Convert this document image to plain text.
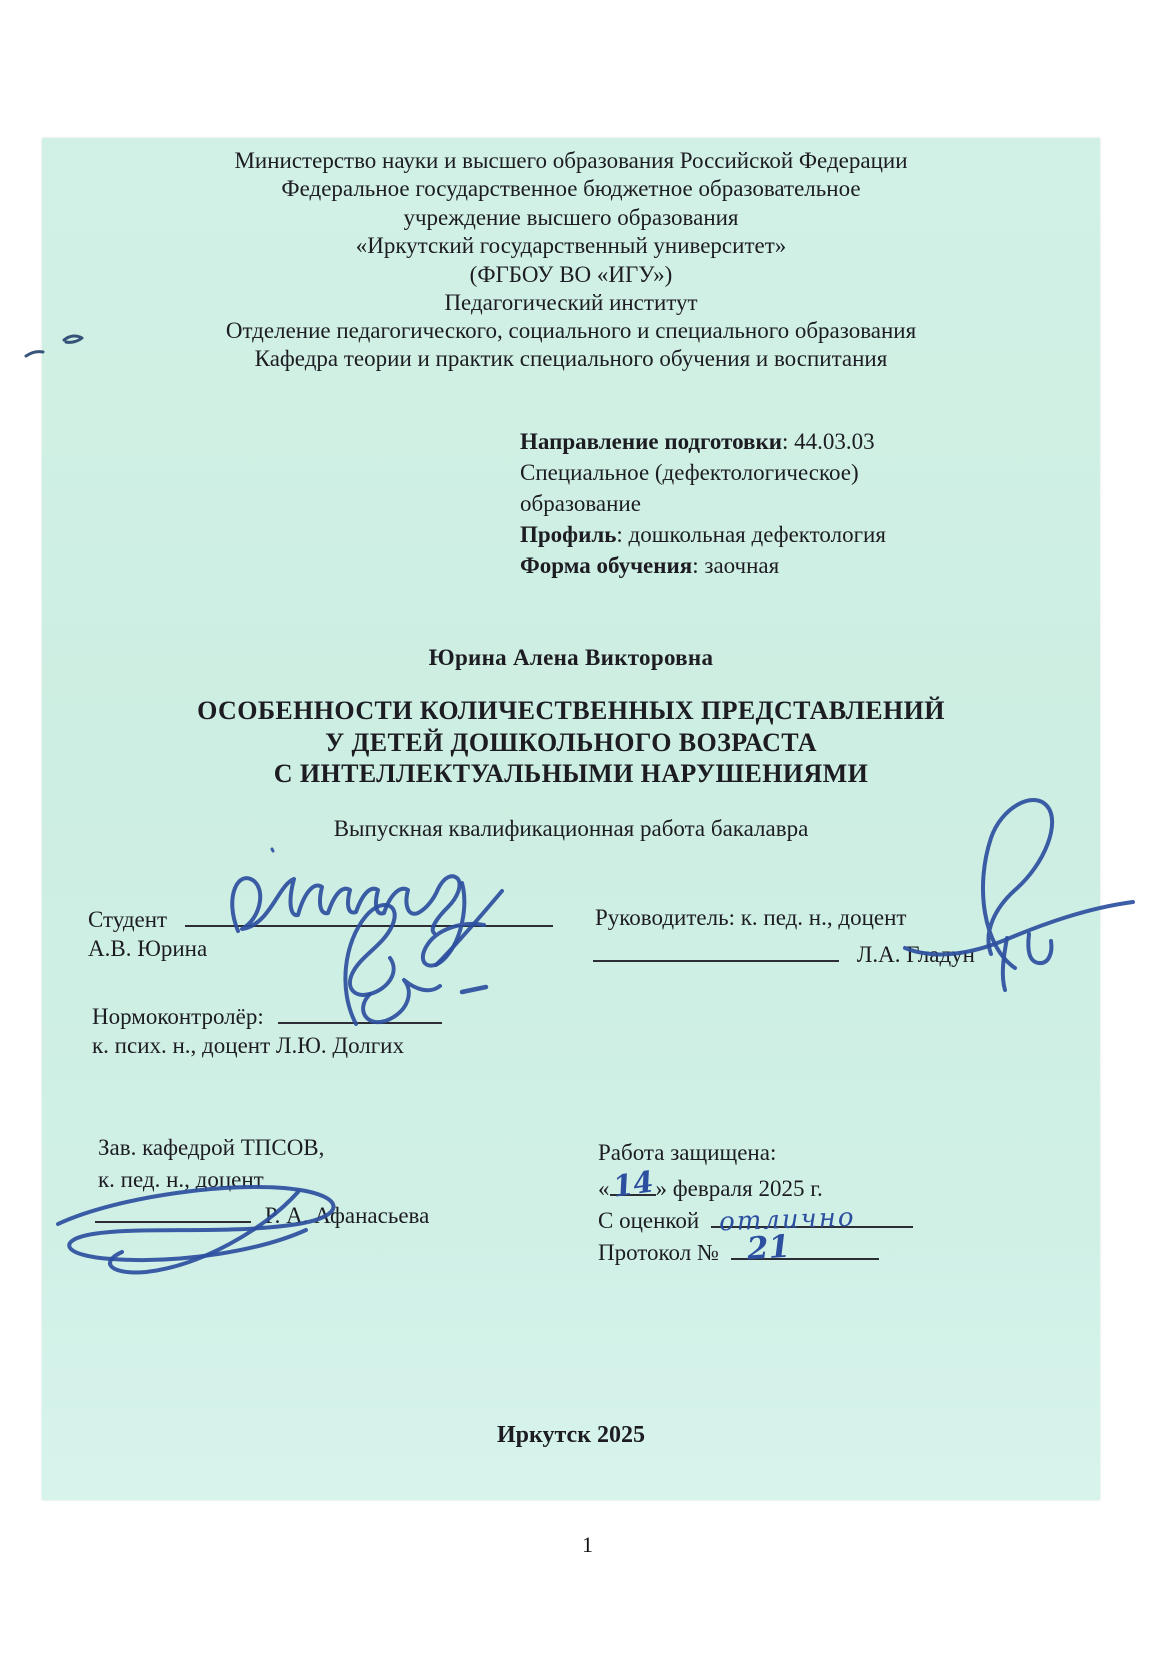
Министерство науки и высшего образования Российской Федерации
Федеральное государственное бюджетное образовательное
учреждение высшего образования
«Иркутский государственный университет»
(ФГБОУ ВО «ИГУ»)
Педагогический институт
Отделение педагогического, социального и специального образования
Кафедра теории и практик специального обучения и воспитания
Направление подготовки: 44.03.03
Специальное (дефектологическое)
образование
Профиль: дошкольная дефектология
Форма обучения: заочная
Юрина Алена Викторовна
ОСОБЕННОСТИ КОЛИЧЕСТВЕННЫХ ПРЕДСТАВЛЕНИЙ
У ДЕТЕЙ ДОШКОЛЬНОГО ВОЗРАСТА
С ИНТЕЛЛЕКТУАЛЬНЫМИ НАРУШЕНИЯМИ
Выпускная квалификационная работа бакалавра
Студент
А.В. Юрина
Руководитель: к. пед. н., доцент
Л.А. Гладун
Нормоконтролёр:
к. псих. н., доцент Л.Ю. Долгих
Зав. кафедрой ТПСОВ,
к. пед. н., доцент
Р. А. Афанасьева
Работа защищена:
« 14 » февраля 2025 г.
С оценкой отлично
Протокол № 21
Иркутск 2025
1
